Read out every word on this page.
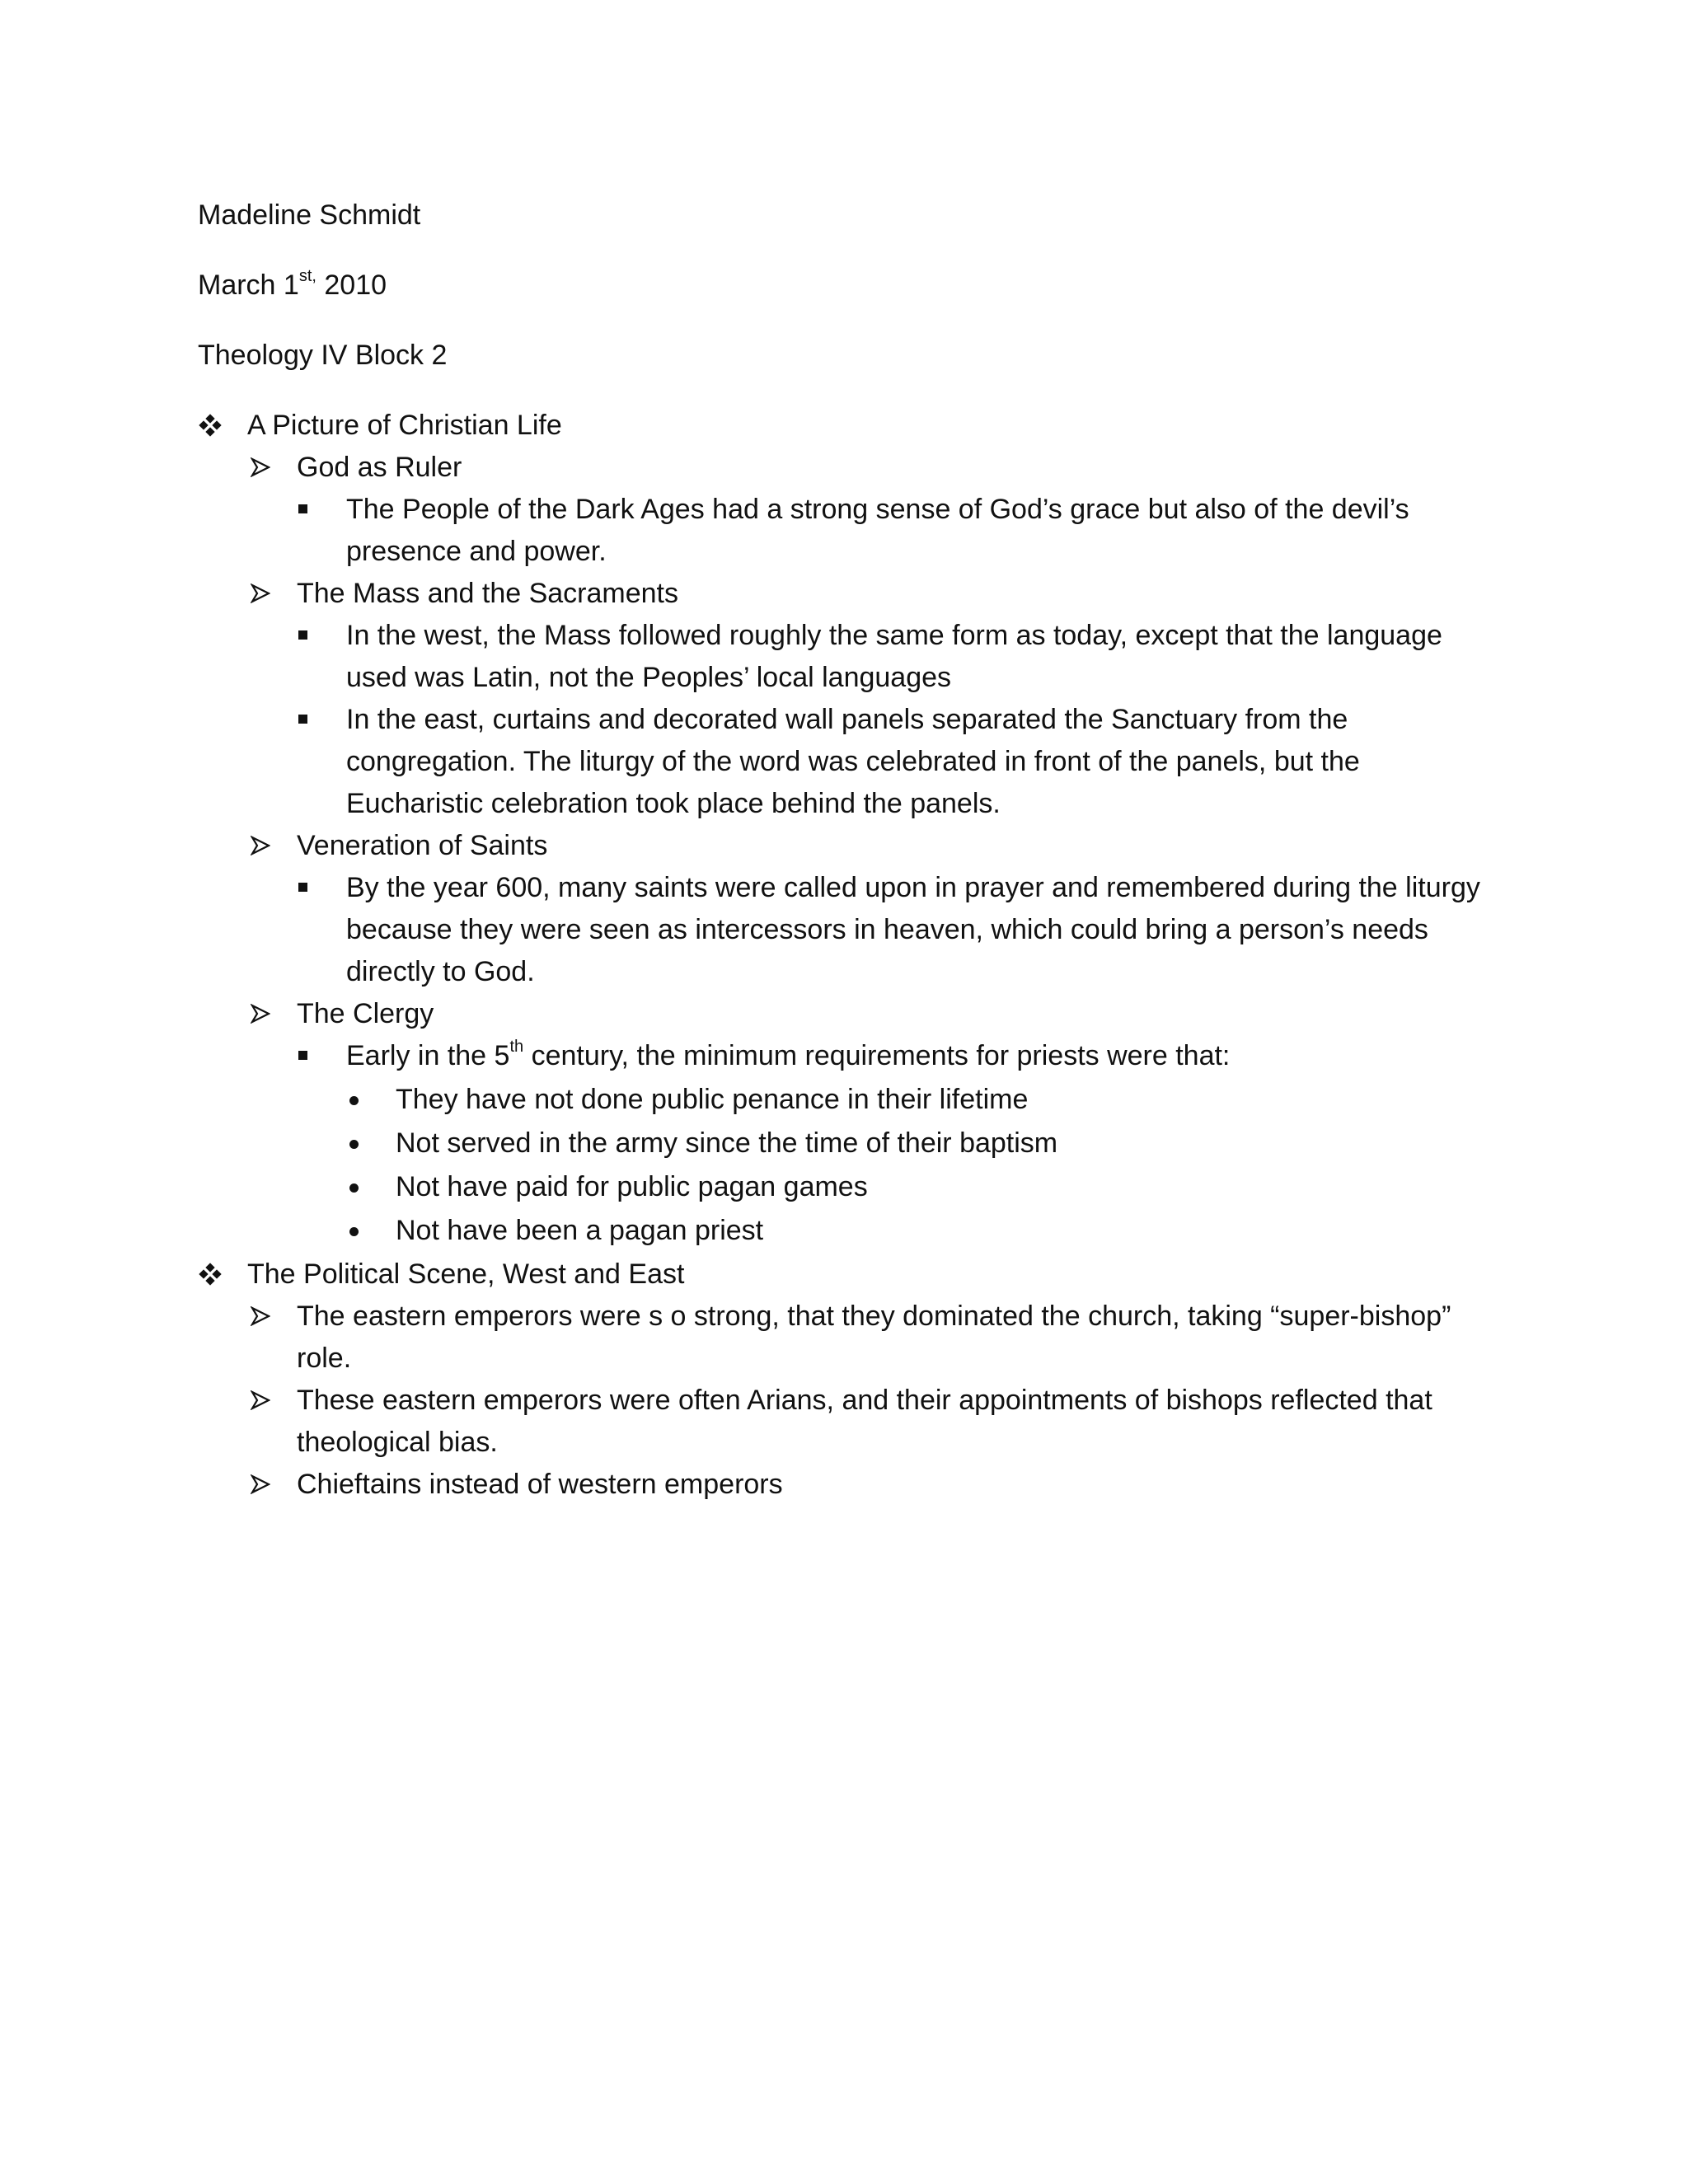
Madeline Schmidt

March $1^{st,}$ 2010

Theology IV Block 2

A Picture of Christian Life
God as Ruler
The People of the Dark Ages had a strong sense of God’s grace but also of the devil’s presence and power.
The Mass and the Sacraments
In the west, the Mass followed roughly the same form as today, except that the language used was Latin, not the Peoples’ local languages
In the east, curtains and decorated wall panels separated the Sanctuary from the congregation. The liturgy of the word was celebrated in front of the panels, but the Eucharistic celebration took place behind the panels.
Veneration of Saints
By the year 600, many saints were called upon in prayer and remembered during the liturgy because they were seen as intercessors in heaven, which could bring a person’s needs directly to God.
The Clergy
Early in the 5th century, the minimum requirements for priests were that:
They have not done public penance in their lifetime
Not served in the army since the time of their baptism
Not have paid for public pagan games
Not have been a pagan priest
The Political Scene, West and East
The eastern emperors were s o strong, that they dominated the church, taking “super-bishop” role.
These eastern emperors were often Arians, and their appointments of bishops reflected that theological bias.
Chieftains instead of western emperors
